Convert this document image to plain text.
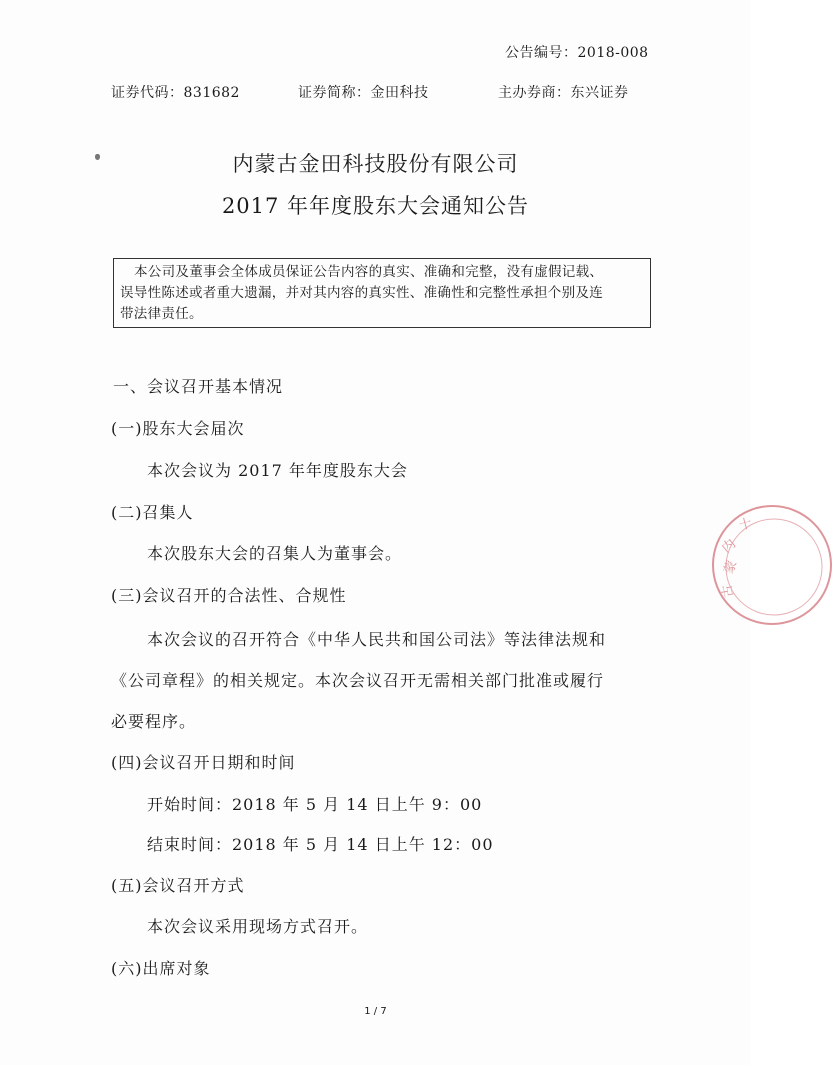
公告编号：2018-008
证券代码：831682	证券简称：金田科技	主办券商：东兴证券
内蒙古金田科技股份有限公司
2017 年年度股东大会通知公告
本公司及董事会全体成员保证公告内容的真实、准确和完整，没有虚假记载、
误导性陈述或者重大遗漏，并对其内容的真实性、准确性和完整性承担个别及连
带法律责任。
一、会议召开基本情况
(一)股东大会届次
本次会议为 2017 年年度股东大会
(二)召集人
本次股东大会的召集人为董事会。
(三)会议召开的合法性、合规性
本次会议的召开符合《中华人民共和国公司法》等法律法规和
《公司章程》的相关规定。本次会议召开无需相关部门批准或履行
必要程序。
(四)会议召开日期和时间
开始时间：2018 年 5 月 14 日上午 9：00
结束时间：2018 年 5 月 14 日上午 12：00
(五)会议召开方式
本次会议采用现场方式召开。
(六)出席对象
1 / 7
内
蒙
古
十
